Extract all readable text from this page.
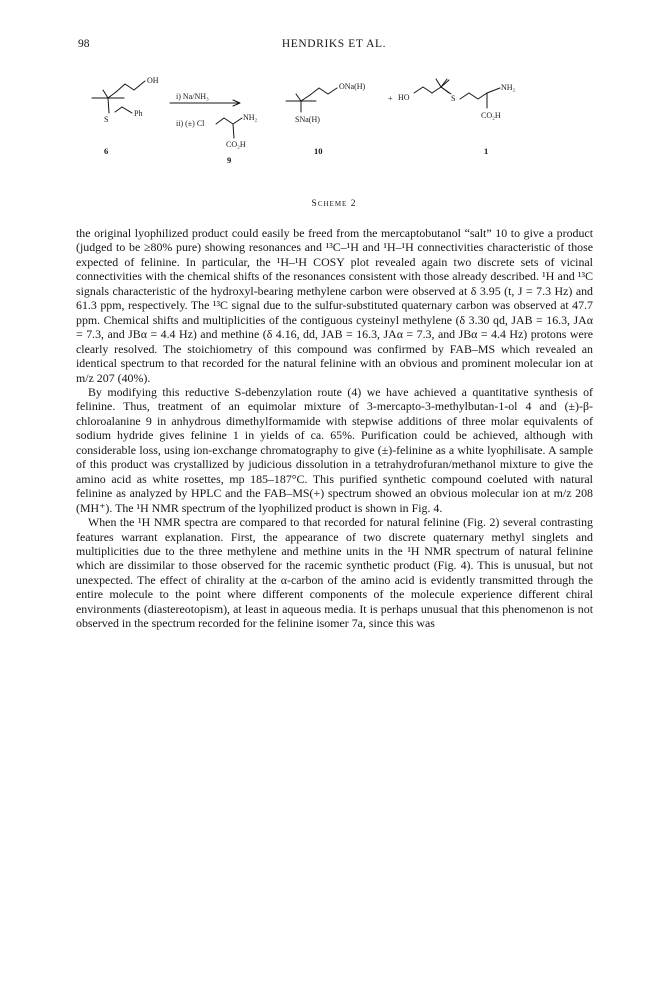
98	HENDRIKS ET AL.
OH
Ph
S
6
i) Na/NH₃
ii) (±) Cl
NH₂
CO₂H
9
ONa(H)
SNa(H)
10
+ HO	S
NH₂
CO₂H
1
Scheme 2

the original lyophilized product could easily be freed from the mercaptobutanol “salt” 10 to give a product (judged to be ≥80% pure) showing resonances and ¹³C–¹H and ¹H–¹H connectivities characteristic of those expected of felinine. In particular, the ¹H–¹H COSY plot revealed again two discrete sets of vicinal connectivities with the chemical shifts of the resonances consistent with those already described. ¹H and ¹³C signals characteristic of the hydroxyl-bearing methylene carbon were observed at δ 3.95 (t, J = 7.3 Hz) and 61.3 ppm, respectively. The ¹³C signal due to the sulfur-substituted quaternary carbon was observed at 47.7 ppm. Chemical shifts and multiplicities of the contiguous cysteinyl methylene (δ 3.30 qd, JAB = 16.3, JAα = 7.3, and JBα = 4.4 Hz) and methine (δ 4.16, dd, JAB = 16.3, JAα = 7.3, and JBα = 4.4 Hz) protons were clearly resolved. The stoichiometry of this compound was confirmed by FAB–MS which revealed an identical spectrum to that recorded for the natural felinine with an obvious and prominent molecular ion at m/z 207 (40%).

By modifying this reductive S-debenzylation route (4) we have achieved a quantitative synthesis of felinine. Thus, treatment of an equimolar mixture of 3-mercapto-3-methylbutan-1-ol 4 and (±)-β-chloroalanine 9 in anhydrous dimethylformamide with stepwise additions of three molar equivalents of sodium hydride gives felinine 1 in yields of ca. 65%. Purification could be achieved, although with considerable loss, using ion-exchange chromatography to give (±)-felinine as a white lyophilisate. A sample of this product was crystallized by judicious dissolution in a tetrahydrofuran/methanol mixture to give the amino acid as white rosettes, mp 185–187°C. This purified synthetic compound coeluted with natural felinine as analyzed by HPLC and the FAB–MS(+) spectrum showed an obvious molecular ion at m/z 208 (MH⁺). The ¹H NMR spectrum of the lyophilized product is shown in Fig. 4.

When the ¹H NMR spectra are compared to that recorded for natural felinine (Fig. 2) several contrasting features warrant explanation. First, the appearance of two discrete quaternary methyl singlets and multiplicities due to the three methylene and methine units in the ¹H NMR spectrum of natural felinine which are dissimilar to those observed for the racemic synthetic product (Fig. 4). This is unusual, but not unexpected. The effect of chirality at the α-carbon of the amino acid is evidently transmitted through the entire molecule to the point where different components of the molecule experience different chiral environments (diastereotopism), at least in aqueous media. It is perhaps unusual that this phenomenon is not observed in the spectrum recorded for the felinine isomer 7a, since this was
